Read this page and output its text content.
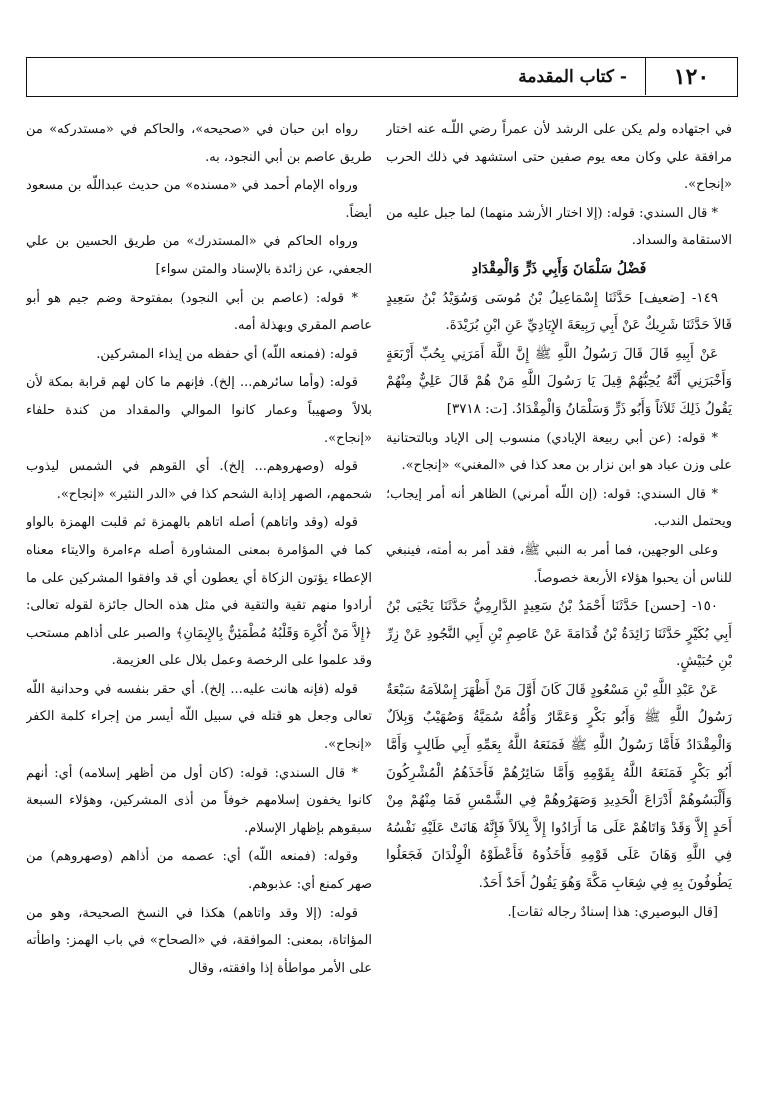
١٢٠
- كتاب المقدمة

في اجتهاده ولم يكن على الرشد لأن عمراً رضي اللّـه عنه اختار مرافقة علي وكان معه يوم صفين حتى استشهد في ذلك الحرب «إنجاح».

* قال السندي: قوله: (إلا اختار الأرشد منهما) لما جبل عليه من الاستقامة والسداد.

فَضْلُ سَلْمَانَ وَأَبِي ذَرٍّ وَالْمِقْدَادِ

١٤٩- [ضعيف] حَدَّثَنَا إِسْمَاعِيلُ بْنُ مُوسَى وَسُوَيْدُ بْنُ سَعِيدٍ قَالاَ حَدَّثَنَا شَرِيكٌ عَنْ أَبِي رَبِيعَةَ الإِيَادِيِّ عَنِ ابْنِ بُرَيْدَةَ.

عَنْ أَبِيهِ قَالَ قَالَ رَسُولُ اللَّهِ ﷺ إِنَّ اللَّهَ أَمَرَنِي بِحُبِّ أَرْبَعَةٍ وَأَخْبَرَنِي أَنَّهُ يُحِبُّهُمْ قِيلَ يَا رَسُولَ اللَّهِ مَنْ هُمْ قَالَ عَلِيٌّ مِنْهُمْ يَقُولُ ذَلِكَ ثَلاَثاً وَأَبُو ذَرٍّ وَسَلْمَانُ وَالْمِقْدَادُ. [ت: ٣٧١٨]

* قوله: (عن أبي ربيعة الإيادي) منسوب إلى الإياد وبالتحتانية على وزن عباد هو ابن نزار بن معد كذا في «المغني» «إنجاح».

* قال السندي: قوله: (إن اللّه أمرني) الظاهر أنه أمر إيجاب؛ ويحتمل الندب.

وعلى الوجهين، فما أمر به النبي ﷺ، فقد أمر به أمته، فينبغي للناس أن يحبوا هؤلاء الأربعة خصوصاً.

١٥٠- [حسن] حَدَّثَنَا أَحْمَدُ بْنُ سَعِيدٍ الدَّارِمِيُّ حَدَّثَنَا يَحْيَى بْنُ أَبِي بُكَيْرٍ حَدَّثَنَا زَائِدَةُ بْنُ قُدَامَةَ عَنْ عَاصِمِ بْنِ أَبِي النَّجُودِ عَنْ زِرِّ بْنِ حُبَيْشٍ.

عَنْ عَبْدِ اللَّهِ بْنِ مَسْعُودٍ قَالَ كَانَ أَوَّلَ مَنْ أَظْهَرَ إِسْلاَمَهُ سَبْعَةٌ رَسُولُ اللَّهِ ﷺ وَأَبُو بَكْرٍ وَعَمَّارٌ وَأُمُّهُ سُمَيَّةُ وَصُهَيْبٌ وَبِلاَلٌ وَالْمِقْدَادُ فَأَمَّا رَسُولُ اللَّهِ ﷺ فَمَنَعَهُ اللَّهُ بِعَمِّهِ أَبِي طَالِبٍ وَأَمَّا أَبُو بَكْرٍ فَمَنَعَهُ اللَّهُ بِقَوْمِهِ وَأَمَّا سَائِرُهُمْ فَأَخَذَهُمُ الْمُشْرِكُونَ وَأَلْبَسُوهُمْ أَدْرَاعَ الْحَدِيدِ وَصَهَرُوهُمْ فِي الشَّمْسِ فَمَا مِنْهُمْ مِنْ أَحَدٍ إِلاَّ وَقَدْ وَاتَاهُمْ عَلَى مَا أَرَادُوا إِلاَّ بِلاَلاً فَإِنَّهُ هَانَتْ عَلَيْهِ نَفْسُهُ فِي اللَّهِ وَهَانَ عَلَى قَوْمِهِ فَأَخَذُوهُ فَأَعْطَوْهُ الْوِلْدَانَ فَجَعَلُوا يَطُوفُونَ بِهِ فِي شِعَابِ مَكَّةَ وَهُوَ يَقُولُ أَحَدٌ أَحَدٌ.

[قال البوصيري: هذا إسنادٌ رجاله ثقات].

رواه ابن حبان في «صحيحه»، والحاكم في «مستدركه» من طريق عاصم بن أبي النجود، به.

ورواه الإمام أحمد في «مسنده» من حديث عبداللّه بن مسعود أيضاً.

ورواه الحاكم في «المستدرك» من طريق الحسين بن علي الجعفي، عن زائدة بالإسناد والمتن سواء]

* قوله: (عاصم بن أبي النجود) بمفتوحة وضم جيم هو أبو عاصم المقري وبهذلة أمه.

قوله: (فمنعه اللّه) أي حفظه من إيذاء المشركين.

قوله: (وأما سائرهم... إلخ). فإنهم ما كان لهم قرابة بمكة لأن بلالاً وصهيباً وعمار كانوا الموالي والمقداد من كندة حلفاء «إنجاح».

قوله (وصهروهم... إلخ). أي القوهم في الشمس ليذوب شحمهم، الصهر إذابة الشحم كذا في «الدر النثير» «إنجاح».

قوله (وقد واتاهم) أصله اتاهم بالهمزة ثم قلبت الهمزة بالواو كما في المؤامرة بمعنى المشاورة أصله مءامرة والايتاء معناه الإعطاء يؤتون الزكاة أي يعطون أي قد وافقوا المشركين على ما أرادوا منهم تقية والتقية في مثل هذه الحال جائزة لقوله تعالى: ﴿إِلاَّ مَنْ أُكْرِهَ وَقَلْبُهُ مُطْمَئِنٌّ بِالإِيمَانِ﴾ والصبر على أذاهم مستحب وقد علموا على الرخصة وعمل بلال على العزيمة.

قوله (فإنه هانت عليه... إلخ). أي حقر بنفسه في وحدانية اللّه تعالى وجعل هو قتله في سبيل اللّه أيسر من إجراء كلمة الكفر «إنجاح».

* قال السندي: قوله: (كان أول من أظهر إسلامه) أي: أنهم كانوا يخفون إسلامهم خوفاً من أذى المشركين، وهؤلاء السبعة سبقوهم بإظهار الإسلام.

وقوله: (فمنعه اللّه) أي: عصمه من أذاهم (وصهروهم) من صهر كمنع أي: عذبوهم.

قوله: (إلا وقد واتاهم) هكذا في النسخ الصحيحة، وهو من المؤاتاة، بمعنى: الموافقة، في «الصحاح» في باب الهمز: واطأته على الأمر مواطأة إذا وافقته، وقال
